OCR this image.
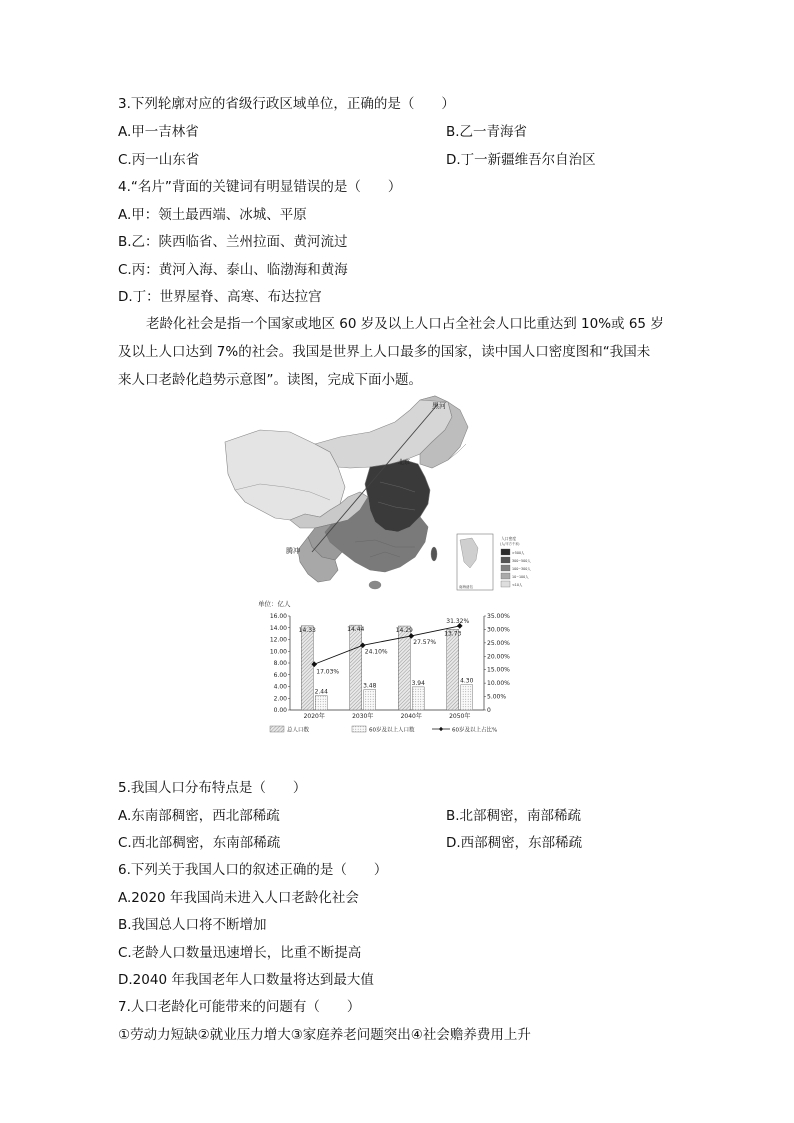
3.下列轮廓对应的省级行政区域单位，正确的是（　　）
A.甲一吉林省	B.乙一青海省
C.丙一山东省	D.丁一新疆维吾尔自治区
4.“名片”背面的关键词有明显错误的是（　　）
A.甲：领土最西端、冰城、平原
B.乙：陕西临省、兰州拉面、黄河流过
C.丙：黄河入海、泰山、临渤海和黄海
D.丁：世界屋脊、高寒、布达拉宫
老龄化社会是指一个国家或地区 60 岁及以上人口占全社会人口比重达到 10%或 65 岁
及以上人口达到 7%的社会。我国是世界上人口最多的国家，读中国人口密度图和“我国未
来人口老龄化趋势示意图”。读图，完成下面小题。
黑河
腾冲
北京
南海诸岛
人口密度
(人/平方千米)
>500人
300~500人
100~300人
10~100人
<10人
单位：亿人
0.00
2.00
4.00
6.00
8.00
10.00
12.00
14.00
16.00
0
5.00%
10.00%
15.00%
20.00%
25.00%
30.00%
35.00%
2020年	2030年	2040年	2050年
14.33
2.44
14.44
3.48
14.29
3.94
13.73
4.30
17.03%
24.10%
27.57%
31.32%
总人口数	60岁及以上人口数	60岁及以上占比%
5.我国人口分布特点是（　　）
A.东南部稠密，西北部稀疏	B.北部稠密，南部稀疏
C.西北部稠密，东南部稀疏	D.西部稠密，东部稀疏
6.下列关于我国人口的叙述正确的是（　　）
A.2020 年我国尚未进入人口老龄化社会
B.我国总人口将不断增加
C.老龄人口数量迅速增长，比重不断提高
D.2040 年我国老年人口数量将达到最大值
7.人口老龄化可能带来的问题有（　　）
①劳动力短缺②就业压力增大③家庭养老问题突出④社会赡养费用上升
